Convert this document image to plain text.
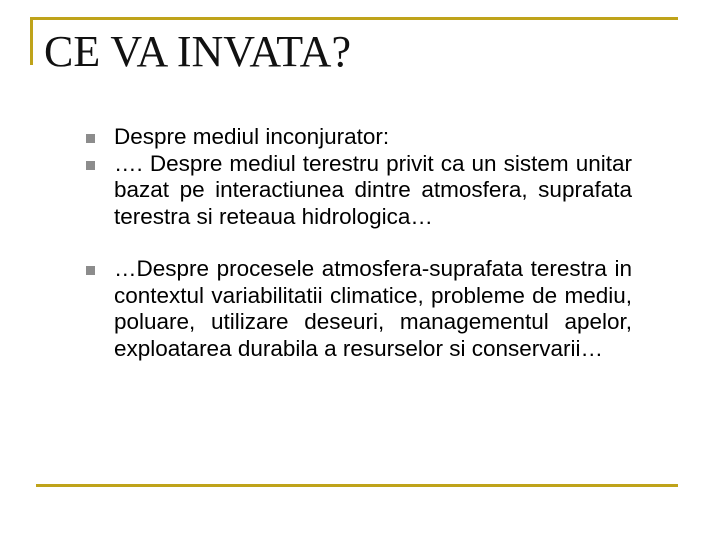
CE VA INVATA?
Despre mediul inconjurator:
…. Despre mediul terestru privit ca un sistem unitar bazat pe interactiunea dintre atmosfera, suprafata terestra si reteaua hidrologica…
…Despre procesele atmosfera-suprafata terestra in contextul variabilitatii climatice, probleme de mediu, poluare, utilizare deseuri, managementul apelor, exploatarea durabila a resurselor si conservarii…
